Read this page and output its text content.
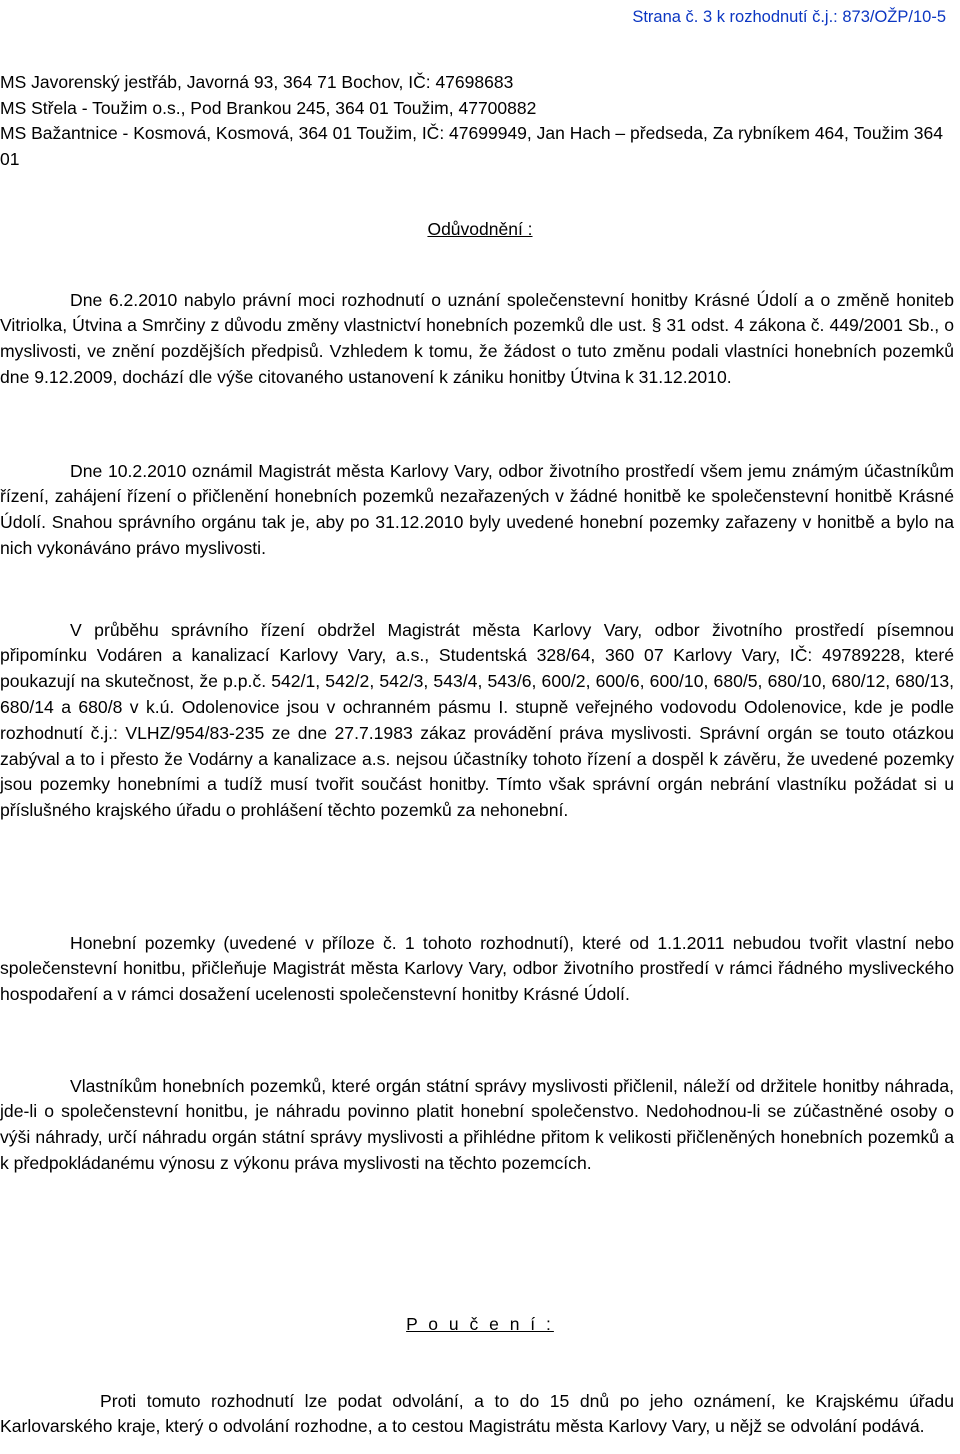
Strana č. 3 k rozhodnutí č.j.: 873/OŽP/10-5

MS Javorenský jestřáb, Javorná 93, 364 71 Bochov, IČ: 47698683

MS Střela - Toužim o.s., Pod Brankou 245, 364 01 Toužim, 47700882

MS Bažantnice - Kosmová, Kosmová, 364 01 Toužim, IČ: 47699949, Jan Hach – předseda, Za rybníkem 464, Toužim 364 01

Odůvodnění :

Dne 6.2.2010 nabylo právní moci rozhodnutí o uznání společenstevní honitby Krásné Údolí a o změně honiteb Vitriolka, Útvina a Smrčiny z důvodu změny vlastnictví honebních pozemků dle ust. § 31 odst. 4 zákona č. 449/2001 Sb., o myslivosti, ve znění pozdějších předpisů. Vzhledem k tomu, že žádost o tuto změnu podali vlastníci honebních pozemků dne 9.12.2009, dochází dle výše citovaného ustanovení k zániku honitby Útvina k 31.12.2010.

Dne 10.2.2010 oznámil Magistrát města Karlovy Vary, odbor životního prostředí všem jemu známým účastníkům řízení, zahájení řízení o přičlenění honebních pozemků nezařazených v žádné honitbě ke společenstevní honitbě Krásné Údolí. Snahou správního orgánu tak je, aby po 31.12.2010 byly uvedené honební pozemky zařazeny v honitbě a bylo na nich vykonáváno právo myslivosti.

V průběhu správního řízení obdržel Magistrát města Karlovy Vary, odbor životního prostředí písemnou připomínku Vodáren a kanalizací Karlovy Vary, a.s., Studentská 328/64, 360 07 Karlovy Vary, IČ: 49789228, které poukazují na skutečnost, že p.p.č. 542/1, 542/2, 542/3, 543/4, 543/6, 600/2, 600/6, 600/10, 680/5, 680/10, 680/12, 680/13, 680/14 a 680/8 v k.ú. Odolenovice jsou v ochranném pásmu I. stupně veřejného vodovodu Odolenovice, kde je podle rozhodnutí č.j.: VLHZ/954/83-235 ze dne 27.7.1983 zákaz provádění práva myslivosti. Správní orgán se touto otázkou zabýval a to i přesto že Vodárny a kanalizace a.s. nejsou účastníky tohoto řízení a dospěl k závěru, že uvedené pozemky jsou pozemky honebními a tudíž musí tvořit součást honitby. Tímto však správní orgán nebrání vlastníku požádat si u příslušného krajského úřadu o prohlášení těchto pozemků za nehonební.

Honební pozemky (uvedené v příloze č. 1 tohoto rozhodnutí), které od 1.1.2011 nebudou tvořit vlastní nebo společenstevní honitbu, přičleňuje Magistrát města Karlovy Vary, odbor životního prostředí v rámci řádného mysliveckého hospodaření a v rámci dosažení ucelenosti společenstevní honitby Krásné Údolí.

Vlastníkům honebních pozemků, které orgán státní správy myslivosti přičlenil, náleží od držitele honitby náhrada, jde-li o společenstevní honitbu, je náhradu povinno platit honební společenstvo. Nedohodnou-li se zúčastněné osoby o výši náhrady, určí náhradu orgán státní správy myslivosti a přihlédne přitom k velikosti přičleněných honebních pozemků a k předpokládanému výnosu z výkonu práva myslivosti na těchto pozemcích.

P o u č e n í :

Proti tomuto rozhodnutí lze podat odvolání, a to do 15 dnů po jeho oznámení, ke Krajskému úřadu Karlovarského kraje, který o odvolání rozhodne, a to cestou Magistrátu města Karlovy Vary, u nějž se odvolání podává.
